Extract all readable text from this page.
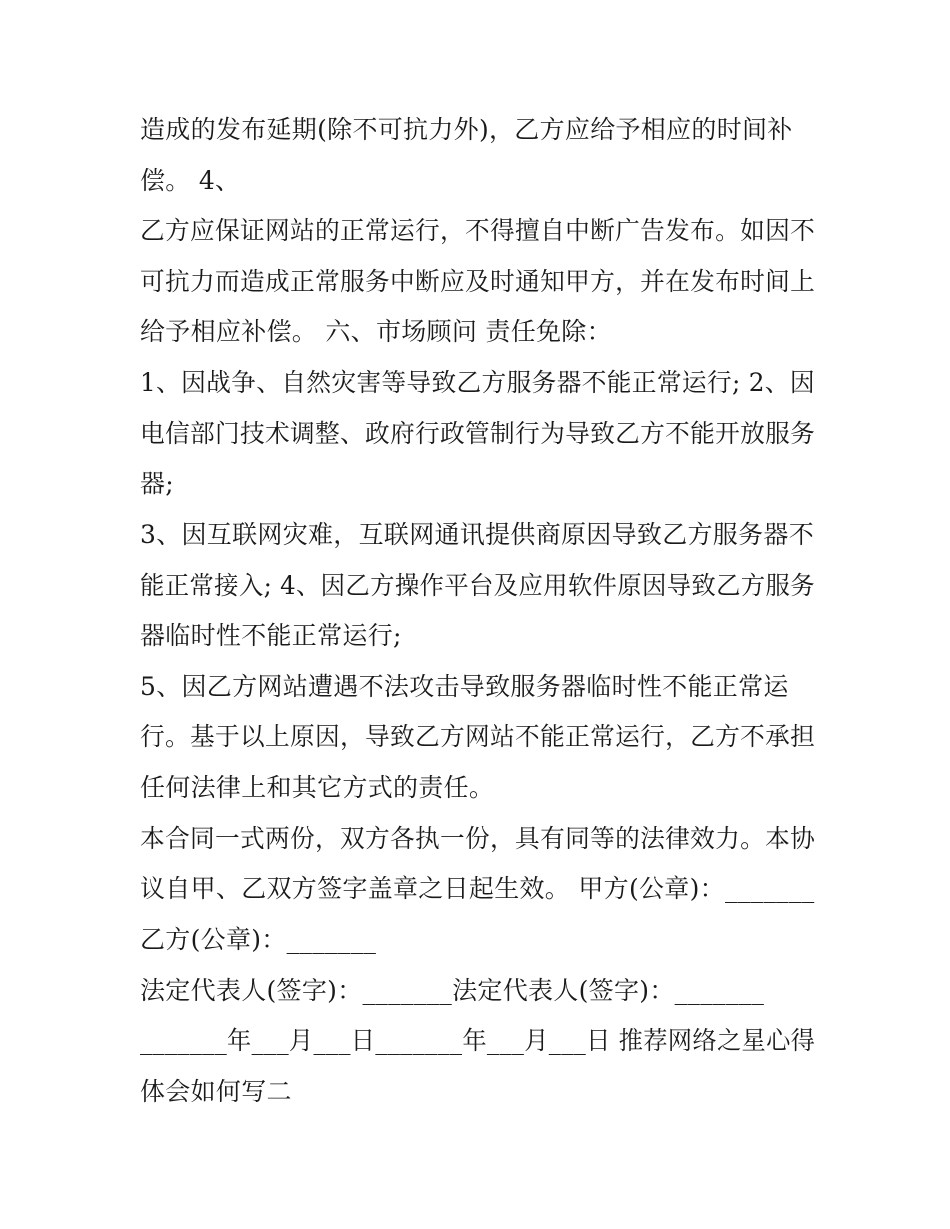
造成的发布延期(除不可抗力外)，乙方应给予相应的时间补

偿。 4、

乙方应保证网站的正常运行，不得擅自中断广告发布。如因不

可抗力而造成正常服务中断应及时通知甲方，并在发布时间上

给予相应补偿。 六、市场顾问 责任免除：

1、因战争、自然灾害等导致乙方服务器不能正常运行; 2、因

电信部门技术调整、政府行政管制行为导致乙方不能开放服务

器;

3、因互联网灾难，互联网通讯提供商原因导致乙方服务器不

能正常接入; 4、因乙方操作平台及应用软件原因导致乙方服务

器临时性不能正常运行;

5、因乙方网站遭遇不法攻击导致服务器临时性不能正常运

行。基于以上原因，导致乙方网站不能正常运行，乙方不承担

任何法律上和其它方式的责任。

本合同一式两份，双方各执一份，具有同等的法律效力。本协

议自甲、乙双方签字盖章之日起生效。 甲方(公章)：_______

乙方(公章)：_______

法定代表人(签字)：_______法定代表人(签字)：_______

_______年___月___日_______年___月___日 推荐网络之星心得

体会如何写二
